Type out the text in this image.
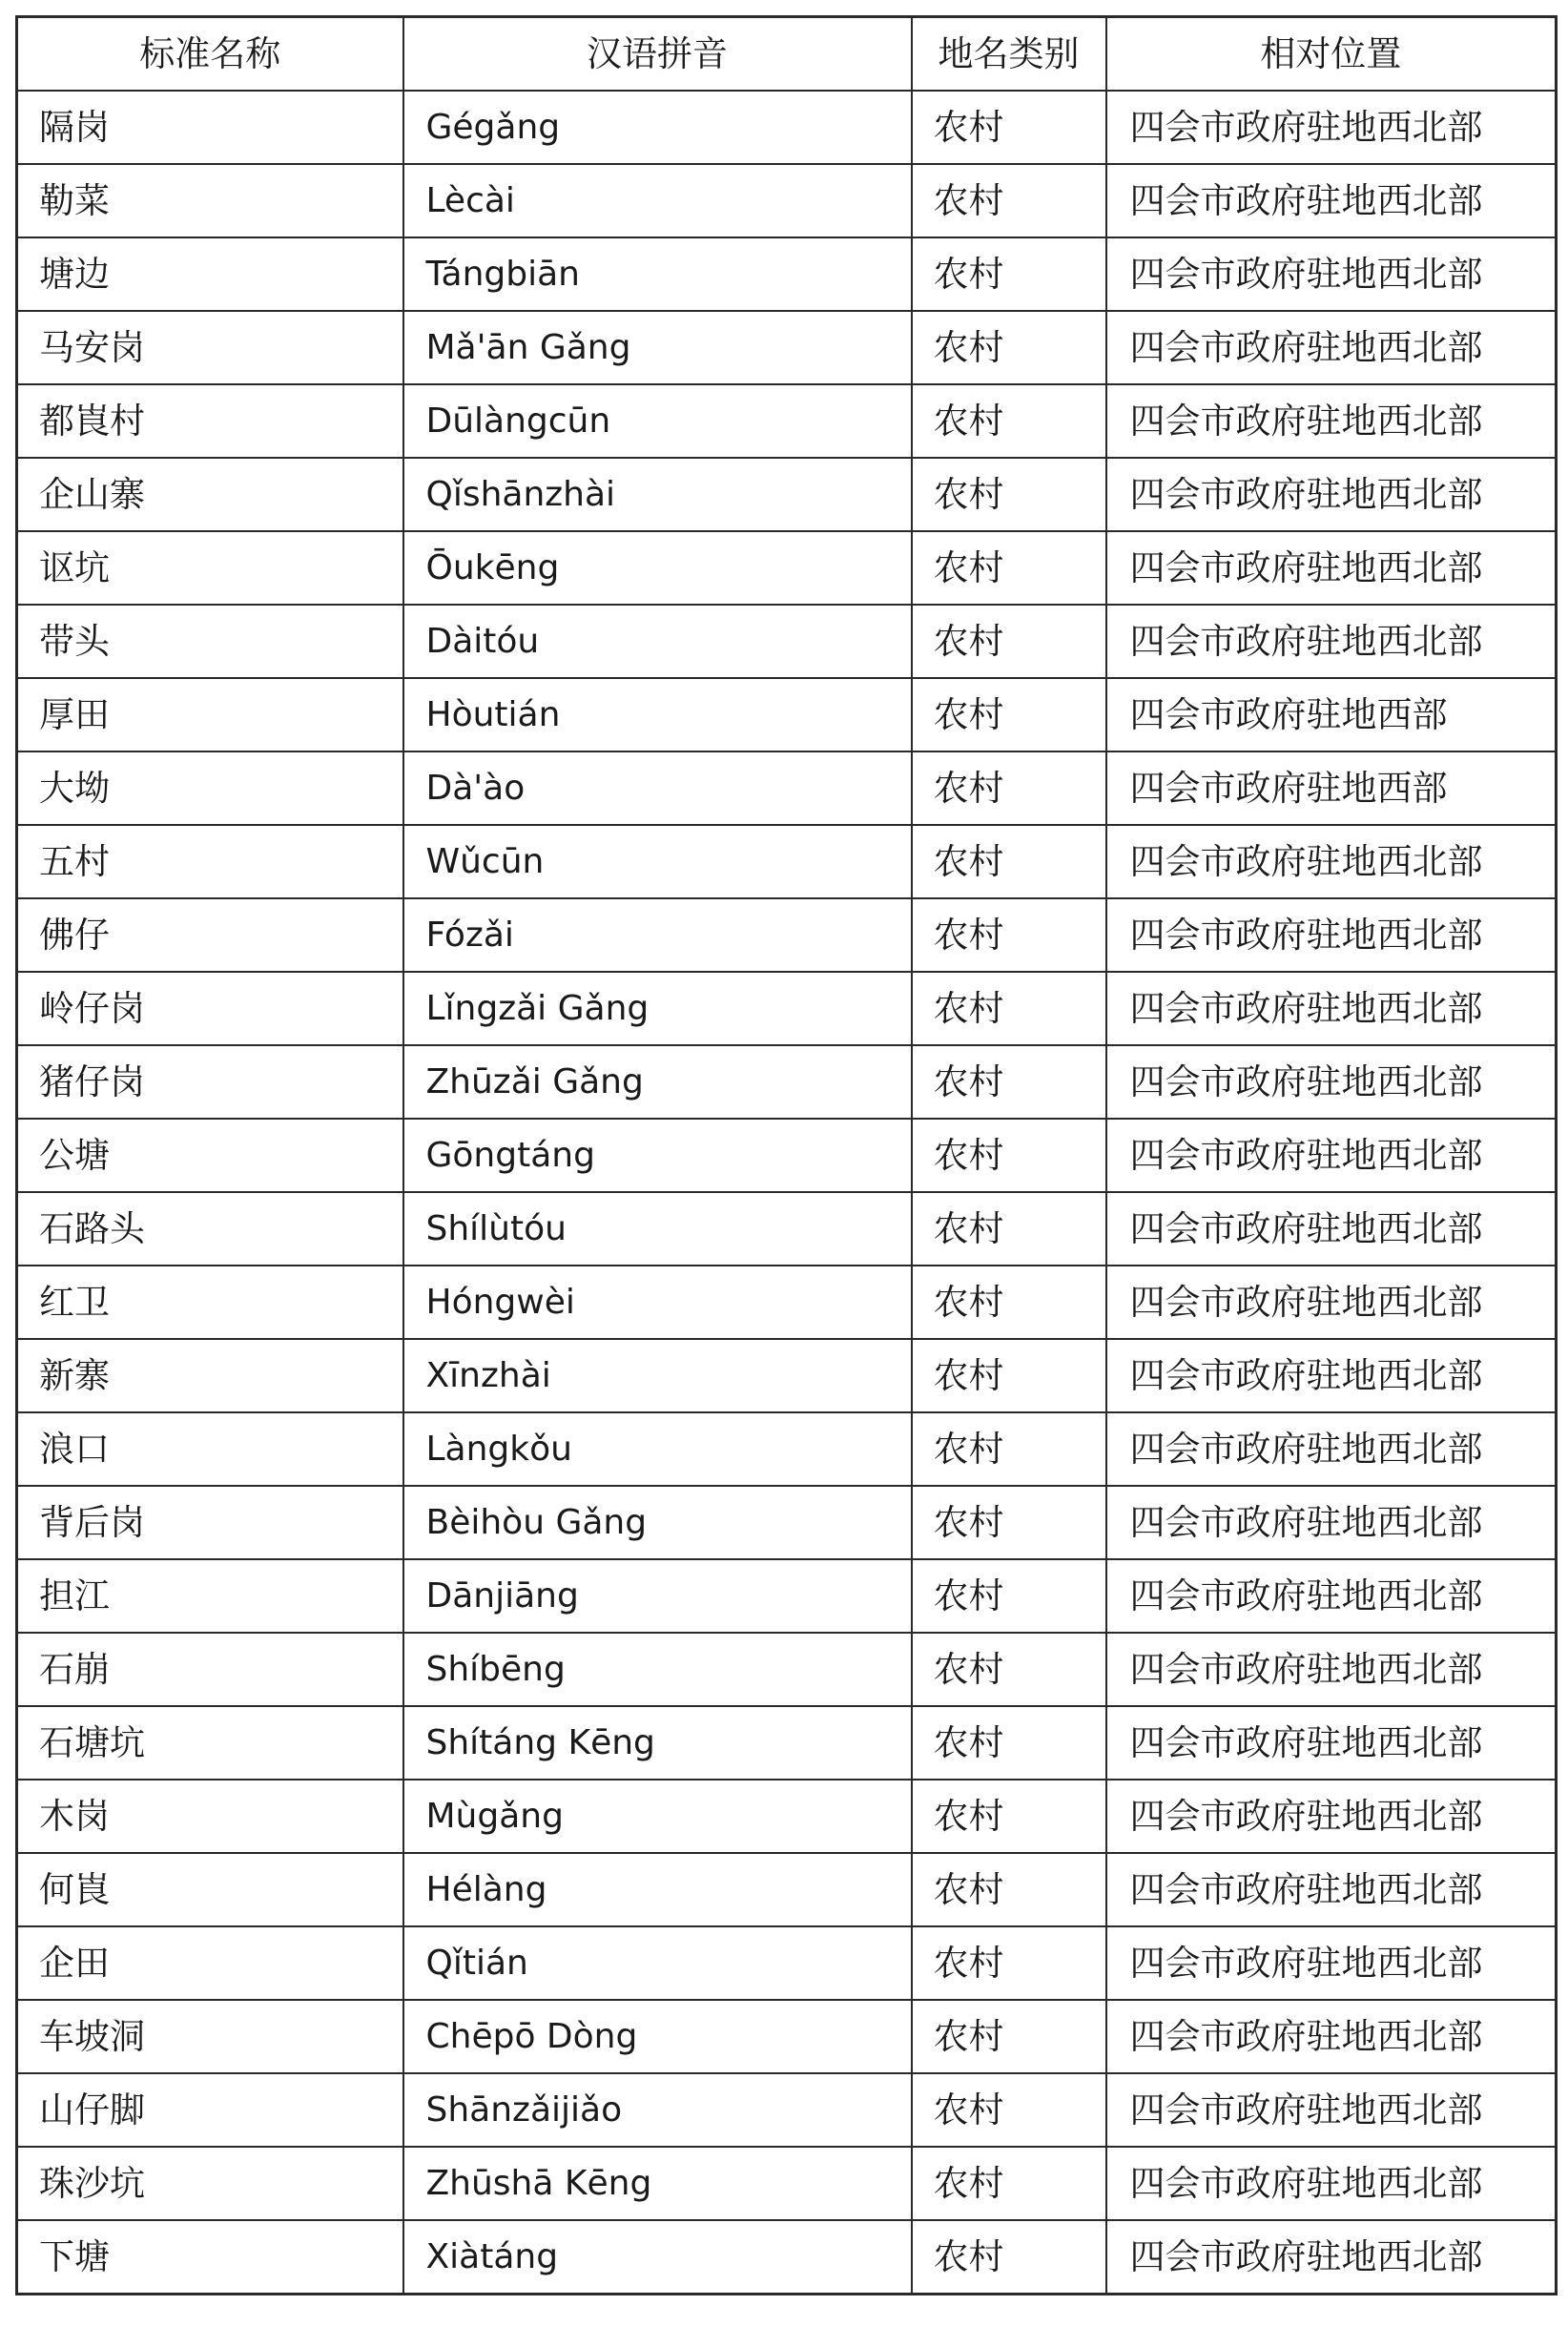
标准名称	汉语拼音	地名类别	相对位置
隔岗	Gégǎng	农村	四会市政府驻地西北部
勒菜	Lècài	农村	四会市政府驻地西北部
塘边	Tángbiān	农村	四会市政府驻地西北部
马安岗	Mǎ'ān Gǎng	农村	四会市政府驻地西北部
都崀村	Dūlàngcūn	农村	四会市政府驻地西北部
企山寨	Qǐshānzhài	农村	四会市政府驻地西北部
讴坑	Ōukēng	农村	四会市政府驻地西北部
带头	Dàitóu	农村	四会市政府驻地西北部
厚田	Hòutián	农村	四会市政府驻地西部
大坳	Dà'ào	农村	四会市政府驻地西部
五村	Wǔcūn	农村	四会市政府驻地西北部
佛仔	Fózǎi	农村	四会市政府驻地西北部
岭仔岗	Lǐngzǎi Gǎng	农村	四会市政府驻地西北部
猪仔岗	Zhūzǎi Gǎng	农村	四会市政府驻地西北部
公塘	Gōngtáng	农村	四会市政府驻地西北部
石路头	Shílùtóu	农村	四会市政府驻地西北部
红卫	Hóngwèi	农村	四会市政府驻地西北部
新寨	Xīnzhài	农村	四会市政府驻地西北部
浪口	Làngkǒu	农村	四会市政府驻地西北部
背后岗	Bèihòu Gǎng	农村	四会市政府驻地西北部
担江	Dānjiāng	农村	四会市政府驻地西北部
石崩	Shíbēng	农村	四会市政府驻地西北部
石塘坑	Shítáng Kēng	农村	四会市政府驻地西北部
木岗	Mùgǎng	农村	四会市政府驻地西北部
何崀	Hélàng	农村	四会市政府驻地西北部
企田	Qǐtián	农村	四会市政府驻地西北部
车坡洞	Chēpō Dòng	农村	四会市政府驻地西北部
山仔脚	Shānzǎijiǎo	农村	四会市政府驻地西北部
珠沙坑	Zhūshā Kēng	农村	四会市政府驻地西北部
下塘	Xiàtáng	农村	四会市政府驻地西北部
